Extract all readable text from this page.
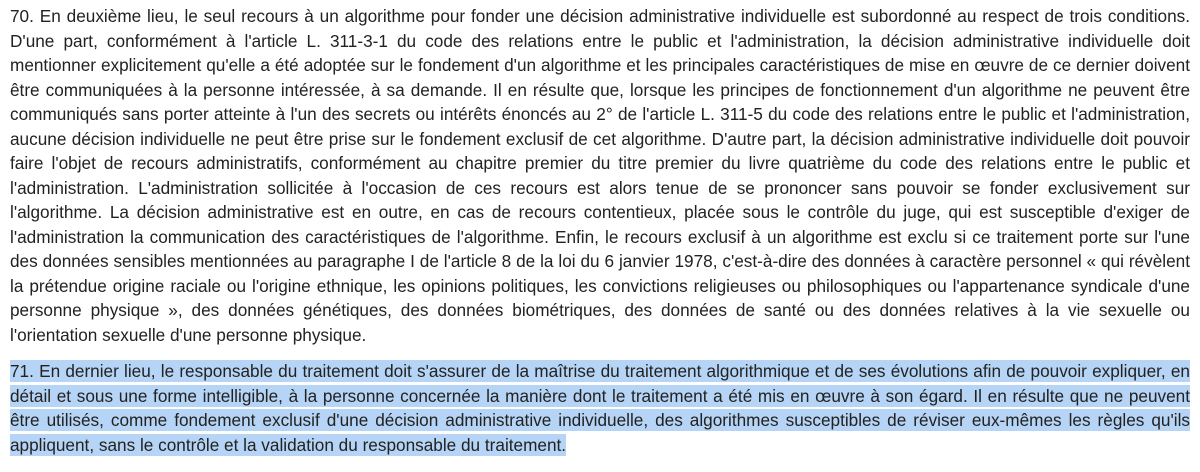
70. En deuxième lieu, le seul recours à un algorithme pour fonder une décision administrative individuelle est subordonné au respect de trois conditions. D'une part, conformément à l'article L. 311-3-1 du code des relations entre le public et l'administration, la décision administrative individuelle doit mentionner explicitement qu'elle a été adoptée sur le fondement d'un algorithme et les principales caractéristiques de mise en œuvre de ce dernier doivent être communiquées à la personne intéressée, à sa demande. Il en résulte que, lorsque les principes de fonctionnement d'un algorithme ne peuvent être communiqués sans porter atteinte à l'un des secrets ou intérêts énoncés au 2° de l'article L. 311-5 du code des relations entre le public et l'administration, aucune décision individuelle ne peut être prise sur le fondement exclusif de cet algorithme. D'autre part, la décision administrative individuelle doit pouvoir faire l'objet de recours administratifs, conformément au chapitre premier du titre premier du livre quatrième du code des relations entre le public et l'administration. L'administration sollicitée à l'occasion de ces recours est alors tenue de se prononcer sans pouvoir se fonder exclusivement sur l'algorithme. La décision administrative est en outre, en cas de recours contentieux, placée sous le contrôle du juge, qui est susceptible d'exiger de l'administration la communication des caractéristiques de l'algorithme. Enfin, le recours exclusif à un algorithme est exclu si ce traitement porte sur l'une des données sensibles mentionnées au paragraphe I de l'article 8 de la loi du 6 janvier 1978, c'est-à-dire des données à caractère personnel « qui révèlent la prétendue origine raciale ou l'origine ethnique, les opinions politiques, les convictions religieuses ou philosophiques ou l'appartenance syndicale d'une personne physique », des données génétiques, des données biométriques, des données de santé ou des données relatives à la vie sexuelle ou l'orientation sexuelle d'une personne physique.

71. En dernier lieu, le responsable du traitement doit s'assurer de la maîtrise du traitement algorithmique et de ses évolutions afin de pouvoir expliquer, en détail et sous une forme intelligible, à la personne concernée la manière dont le traitement a été mis en œuvre à son égard. Il en résulte que ne peuvent être utilisés, comme fondement exclusif d'une décision administrative individuelle, des algorithmes susceptibles de réviser eux-mêmes les règles qu'ils appliquent, sans le contrôle et la validation du responsable du traitement.
